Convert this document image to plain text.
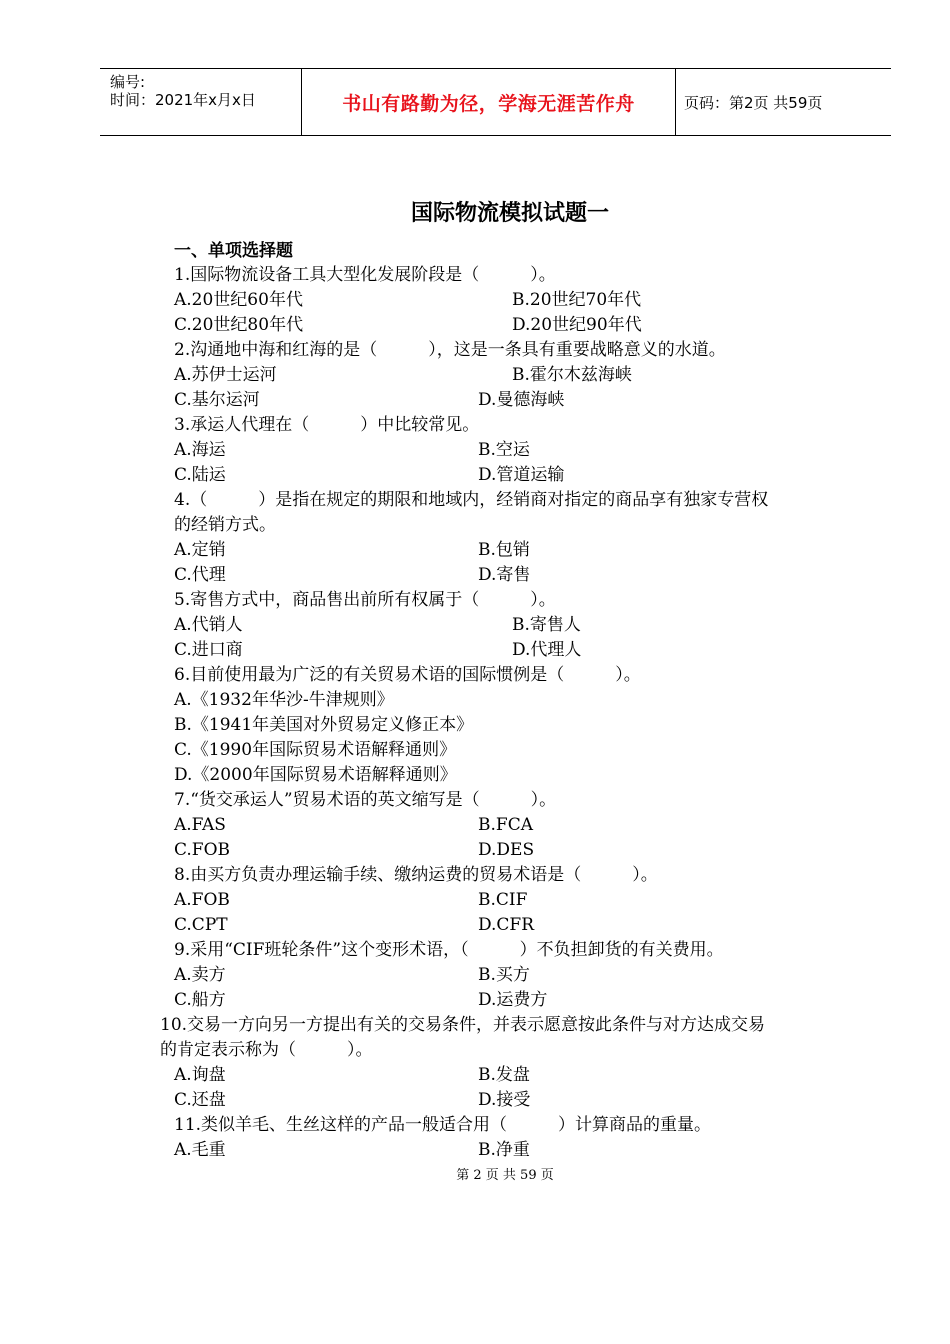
编号:
时间：2021年x月x日	书山有路勤为径，学海无涯苦作舟	页码：第2页 共59页
国际物流模拟试题一
一、单项选择题
1.国际物流设备工具大型化发展阶段是（　　　）。
A.20世纪60年代	B.20世纪70年代
C.20世纪80年代	D.20世纪90年代
2.沟通地中海和红海的是（　　　），这是一条具有重要战略意义的水道。
A.苏伊士运河	B.霍尔木兹海峡
C.基尔运河	D.曼德海峡
3.承运人代理在（　　　）中比较常见。
A.海运	B.空运
C.陆运	D.管道运输
4.（　　　）是指在规定的期限和地域内，经销商对指定的商品享有独家专营权
的经销方式。
A.定销	B.包销
C.代理	D.寄售
5.寄售方式中，商品售出前所有权属于（　　　）。
A.代销人	B.寄售人
C.进口商	D.代理人
6.目前使用最为广泛的有关贸易术语的国际惯例是（　　　）。
A.《1932年华沙-牛津规则》
B.《1941年美国对外贸易定义修正本》
C.《1990年国际贸易术语解释通则》
D.《2000年国际贸易术语解释通则》
7.“货交承运人”贸易术语的英文缩写是（　　　）。
A.FAS	B.FCA
C.FOB	D.DES
8.由买方负责办理运输手续、缴纳运费的贸易术语是（　　　）。
A.FOB	B.CIF
C.CPT	D.CFR
9.采用“CIF班轮条件”这个变形术语，（　　　）不负担卸货的有关费用。
A.卖方	B.买方
C.船方	D.运费方
10.交易一方向另一方提出有关的交易条件，并表示愿意按此条件与对方达成交易
的肯定表示称为（　　　）。
A.询盘	B.发盘
C.还盘	D.接受
11.类似羊毛、生丝这样的产品一般适合用（　　　）计算商品的重量。
A.毛重	B.净重
第 2 页 共 59 页
